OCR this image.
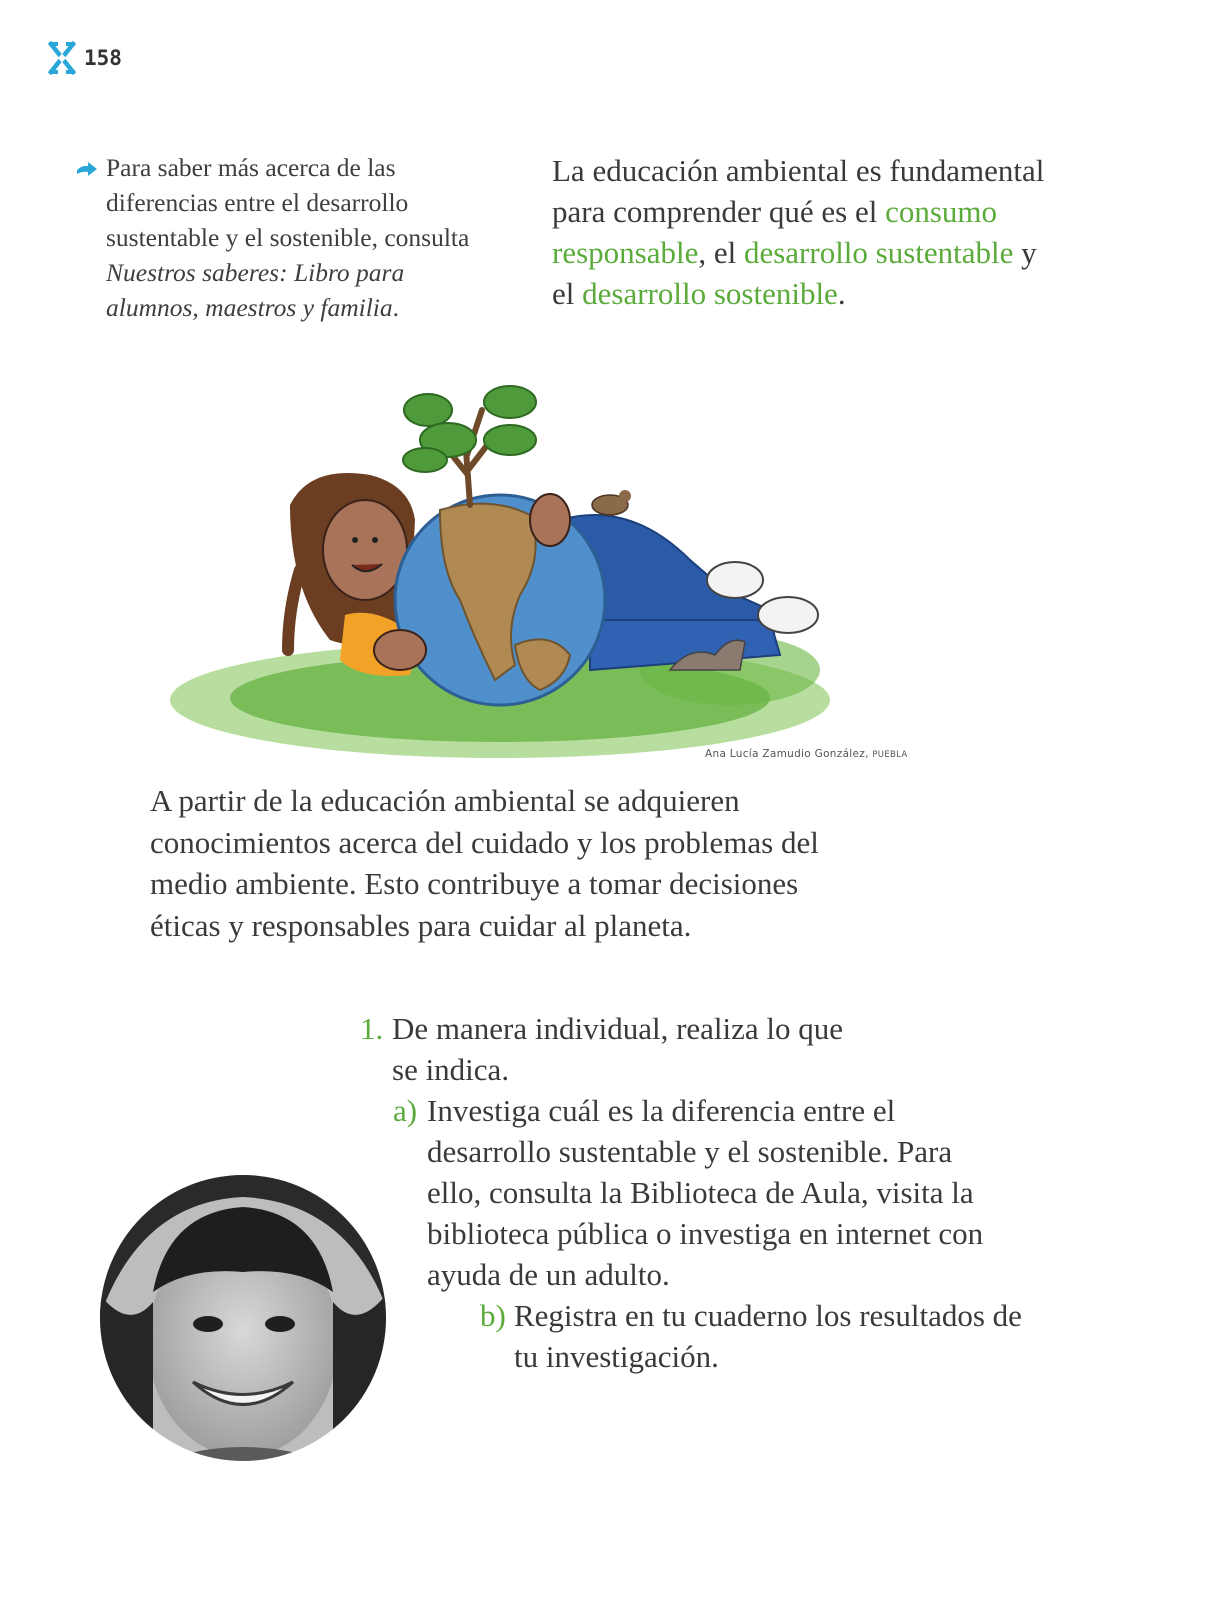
158
Para saber más acerca de las diferencias entre el desarrollo sustentable y el sostenible, consulta Nuestros saberes: Libro para alumnos, maestros y familia.
La educación ambiental es fundamental para comprender qué es el consumo responsable, el desarrollo sustentable y el desarrollo sostenible.
Ana Lucía Zamudio González, PUEBLA
A partir de la educación ambiental se adquieren conocimientos acerca del cuidado y los problemas del medio ambiente. Esto contribuye a tomar decisiones éticas y responsables para cuidar al planeta.
1. De manera individual, realiza lo que se indica.
a) Investiga cuál es la diferencia entre el desarrollo sustentable y el sostenible. Para ello, consulta la Biblioteca de Aula, visita la biblioteca pública o investiga en internet con ayuda de un adulto.
b) Registra en tu cuaderno los resultados de tu investigación.
